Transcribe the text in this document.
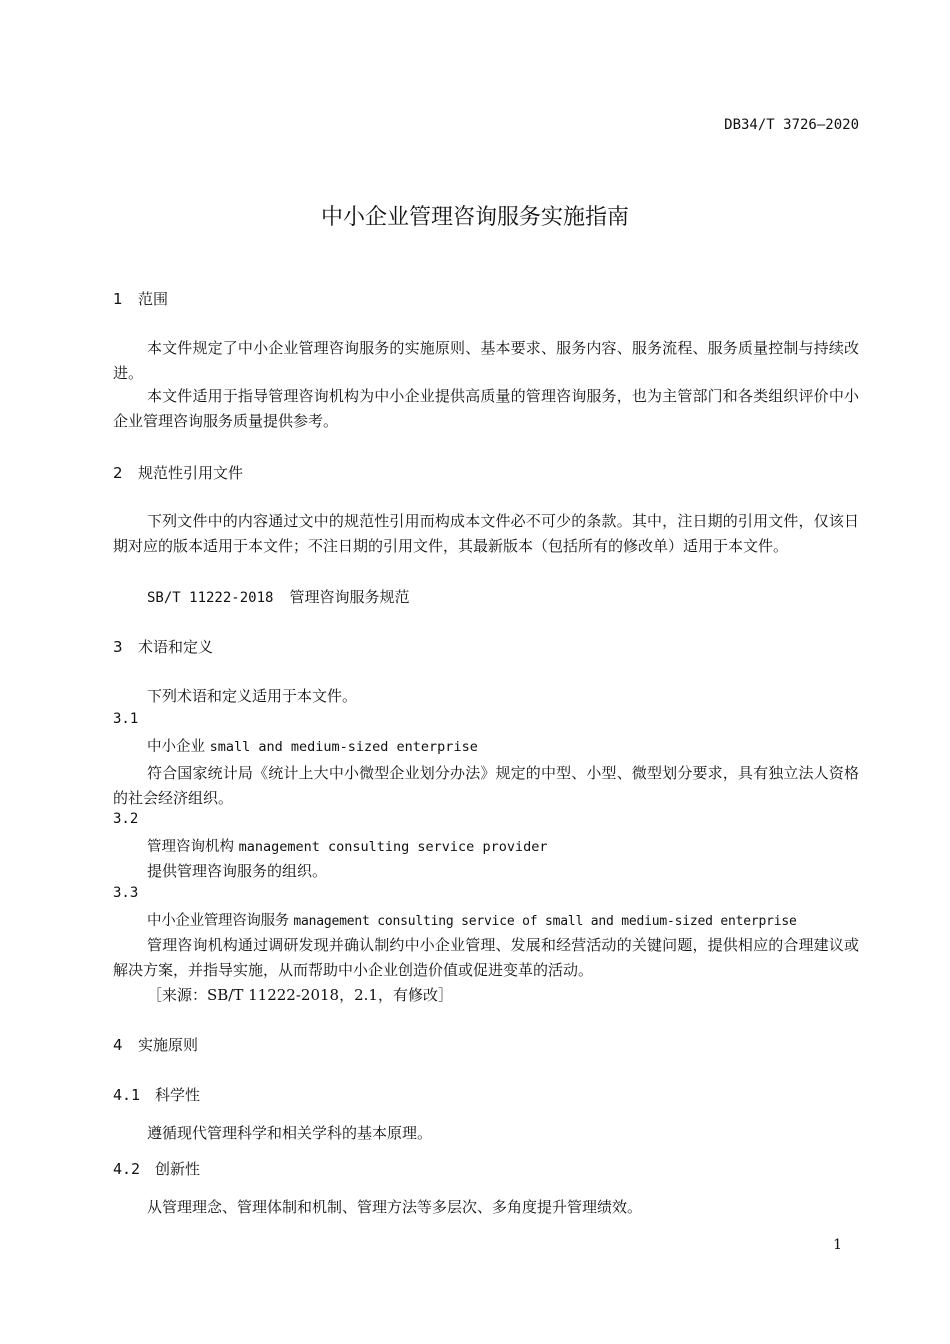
DB34/T 3726—2020
中小企业管理咨询服务实施指南
1 范围
本文件规定了中小企业管理咨询服务的实施原则、基本要求、服务内容、服务流程、服务质量控制与持续改进。
本文件适用于指导管理咨询机构为中小企业提供高质量的管理咨询服务，也为主管部门和各类组织评价中小企业管理咨询服务质量提供参考。
2 规范性引用文件
下列文件中的内容通过文中的规范性引用而构成本文件必不可少的条款。其中，注日期的引用文件，仅该日期对应的版本适用于本文件；不注日期的引用文件，其最新版本（包括所有的修改单）适用于本文件。
SB/T 11222-2018 管理咨询服务规范
3 术语和定义
下列术语和定义适用于本文件。
3.1
中小企业 small and medium-sized enterprise
符合国家统计局《统计上大中小微型企业划分办法》规定的中型、小型、微型划分要求，具有独立法人资格的社会经济组织。
3.2
管理咨询机构 management consulting service provider
提供管理咨询服务的组织。
3.3
中小企业管理咨询服务 management consulting service of small and medium-sized enterprise
管理咨询机构通过调研发现并确认制约中小企业管理、发展和经营活动的关键问题，提供相应的合理建议或解决方案，并指导实施，从而帮助中小企业创造价值或促进变革的活动。
［来源：SB/T 11222-2018，2.1，有修改］
4 实施原则
4.1 科学性
遵循现代管理科学和相关学科的基本原理。
4.2 创新性
从管理理念、管理体制和机制、管理方法等多层次、多角度提升管理绩效。
1
